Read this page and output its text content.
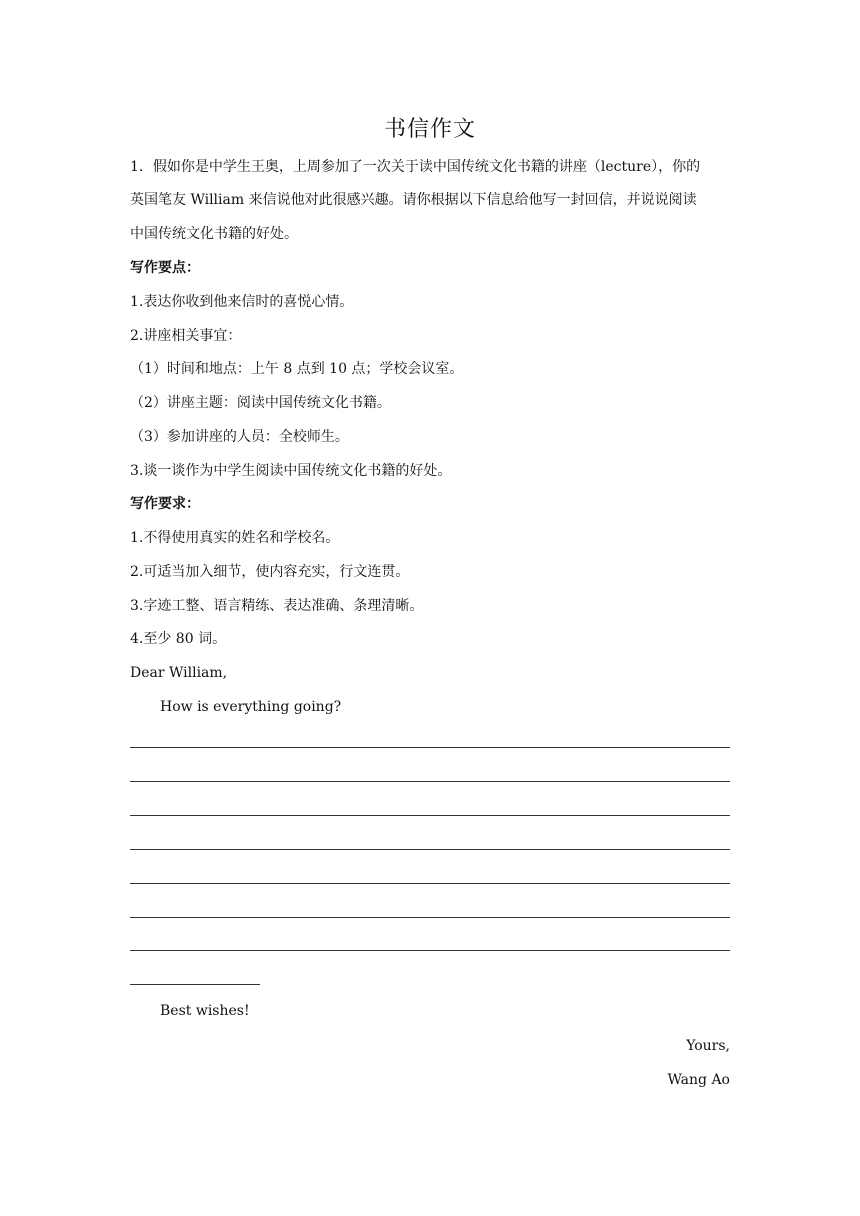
书信作文
1．假如你是中学生王奥，上周参加了一次关于读中国传统文化书籍的讲座（lecture），你的
英国笔友 William 来信说他对此很感兴趣。请你根据以下信息给他写一封回信，并说说阅读
中国传统文化书籍的好处。
写作要点：
1.表达你收到他来信时的喜悦心情。
2.讲座相关事宜：
（1）时间和地点：上午 8 点到 10 点；学校会议室。
（2）讲座主题：阅读中国传统文化书籍。
（3）参加讲座的人员：全校师生。
3.谈一谈作为中学生阅读中国传统文化书籍的好处。
写作要求：
1.不得使用真实的姓名和学校名。
2.可适当加入细节，使内容充实，行文连贯。
3.字迹工整、语言精练、表达准确、条理清晰。
4.至少 80 词。
Dear William,
How is everything going?
Best wishes!
Yours,
Wang Ao
